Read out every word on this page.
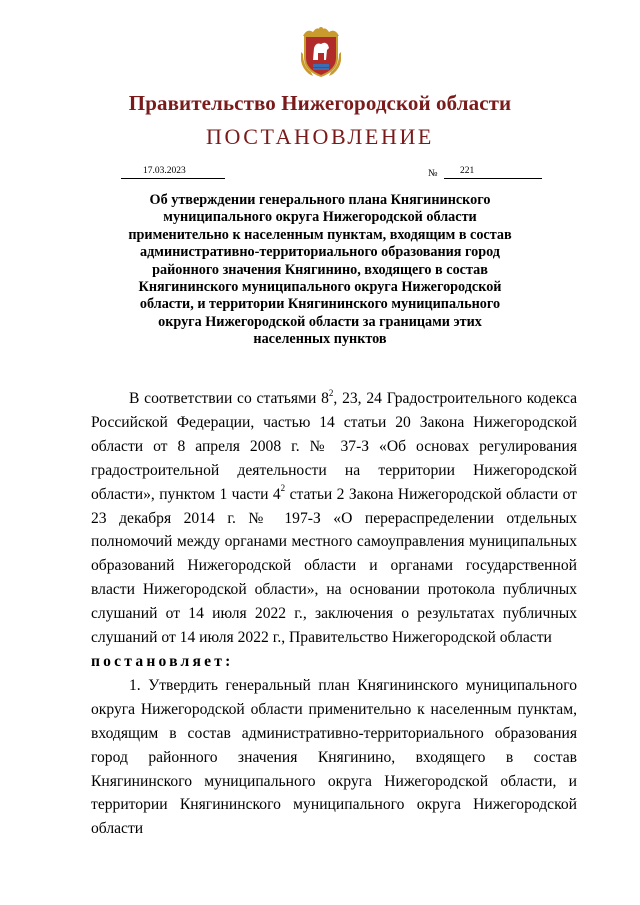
Правительство Нижегородской области
ПОСТАНОВЛЕНИЕ
17.03.2023	№	221
Об утверждении генерального плана Княгининского
муниципального округа Нижегородской области
применительно к населенным пунктам, входящим в состав
административно-территориального образования город
районного значения Княгинино, входящего в состав
Княгининского муниципального округа Нижегородской
области, и территории Княгининского муниципального
округа Нижегородской области за границами этих
населенных пунктов

В соответствии со статьями $8^2$, 23, 24 Градостроительного кодекса Российской Федерации, частью 14 статьи 20 Закона Нижегородской области от 8 апреля 2008 г. № 37-З «Об основах регулирования градостроительной деятельности на территории Нижегородской области», пунктом 1 части $4^2$ статьи 2 Закона Нижегородской области от 23 декабря 2014 г. № 197-З «О перераспределении отдельных полномочий между органами местного самоуправления муниципальных образований Нижегородской области и органами государственной власти Нижегородской области», на основании протокола публичных слушаний от 14 июля 2022 г., заключения о результатах публичных слушаний от 14 июля 2022 г., Правительство Нижегородской области

постановляет:

1. Утвердить генеральный план Княгининского муниципального округа Нижегородской области применительно к населенным пунктам, входящим в состав административно-территориального образования город районного значения Княгинино, входящего в состав Княгининского муниципального округа Нижегородской области, и территории Княгининского муниципального округа Нижегородской области
